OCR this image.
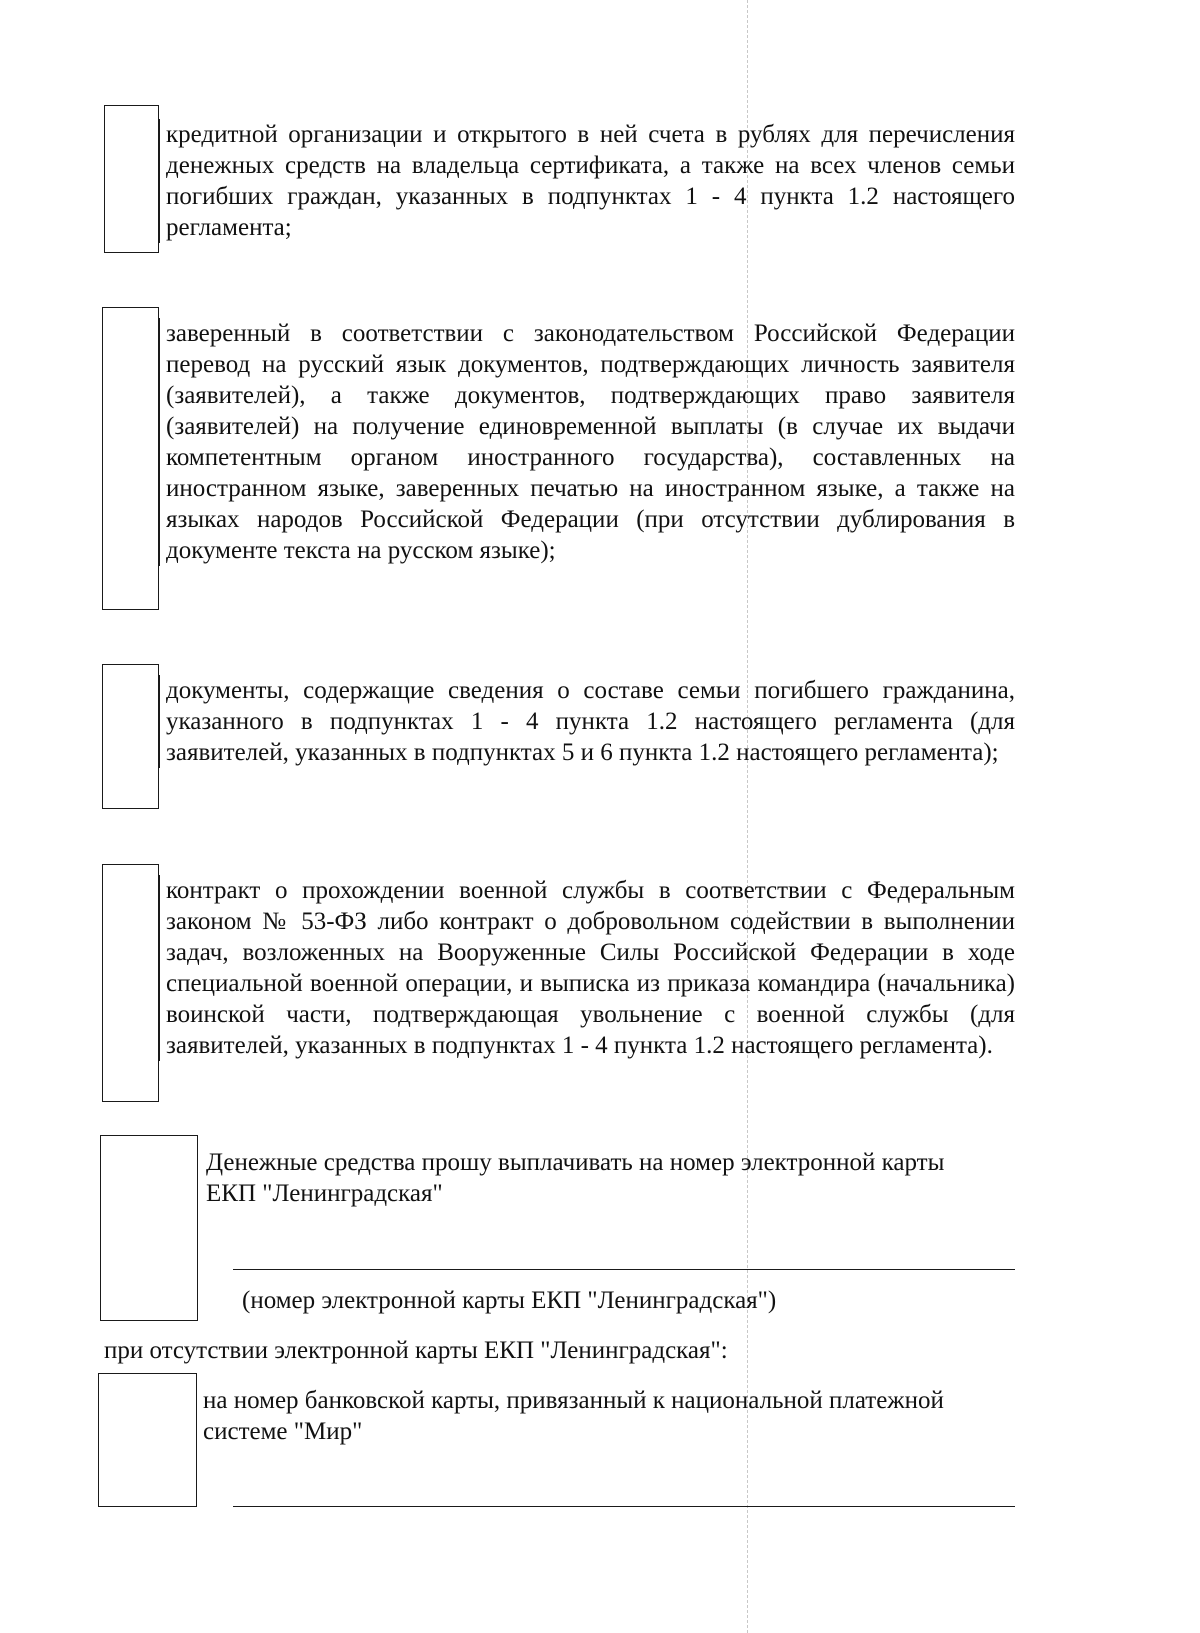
кредитной организации и открытого в ней счета в рублях для перечисления денежных средств на владельца сертификата, а также на всех членов семьи погибших граждан, указанных в подпунктах 1 - 4 пункта 1.2 настоящего регламента;
заверенный в соответствии с законодательством Российской Федерации перевод на русский язык документов, подтверждающих личность заявителя (заявителей), а также документов, подтверждающих право заявителя (заявителей) на получение единовременной выплаты (в случае их выдачи компетентным органом иностранного государства), составленных на иностранном языке, заверенных печатью на иностранном языке, а также на языках народов Российской Федерации (при отсутствии дублирования в документе текста на русском языке);
документы, содержащие сведения о составе семьи погибшего гражданина, указанного в подпунктах 1 - 4 пункта 1.2 настоящего регламента (для заявителей, указанных в подпунктах 5 и 6 пункта 1.2 настоящего регламента);
контракт о прохождении военной службы в соответствии с Федеральным законом № 53-ФЗ либо контракт о добровольном содействии в выполнении задач, возложенных на Вооруженные Силы Российской Федерации в ходе специальной военной операции, и выписка из приказа командира (начальника) воинской части, подтверждающая увольнение с военной службы (для заявителей, указанных в подпунктах 1 - 4 пункта 1.2 настоящего регламента).
Денежные средства прошу выплачивать на номер электронной карты ЕКП "Ленинградская"
(номер электронной карты ЕКП "Ленинградская")
при отсутствии электронной карты ЕКП "Ленинградская":
на номер банковской карты, привязанный к национальной платежной системе "Мир"
